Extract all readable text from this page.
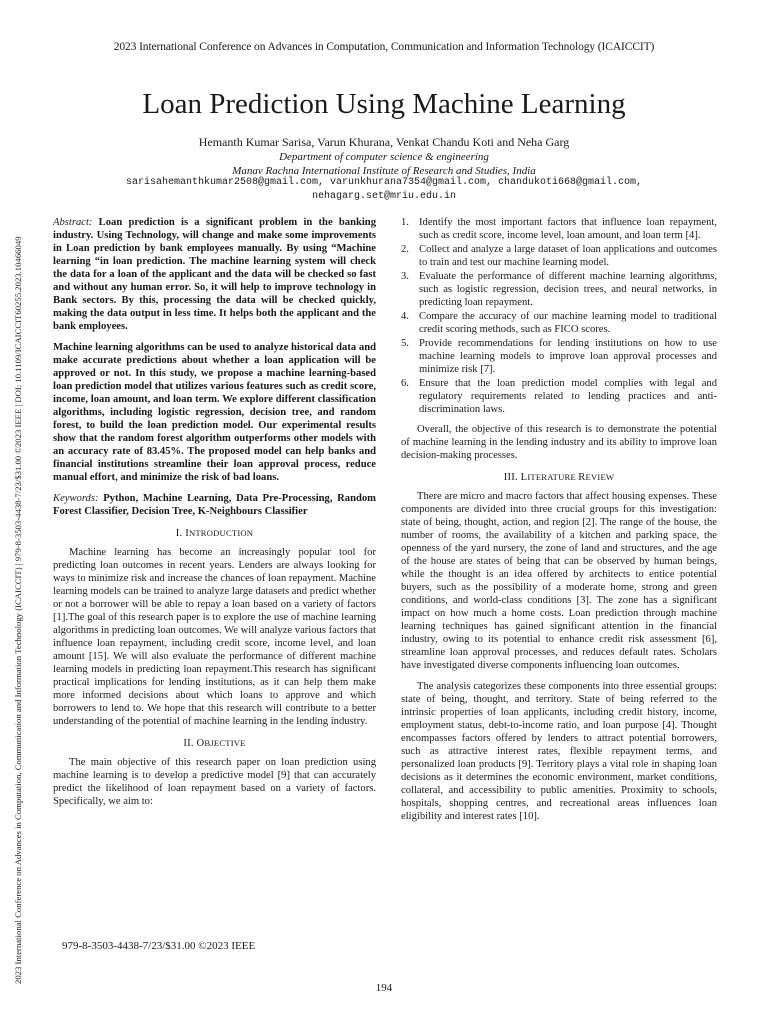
2023 International Conference on Advances in Computation, Communication and Information Technology (ICAICCIT)
2023 International Conference on Advances in Computation, Communication and Information Technology (ICAICCIT) | 979-8-3503-4438-7/23/$31.00 ©2023 IEEE | DOI: 10.1109/ICAICCIT60255.2023.10466049
Loan Prediction Using Machine Learning
Hemanth Kumar Sarisa, Varun Khurana, Venkat Chandu Koti and Neha Garg
Department of computer science & engineering
Manav Rachna International Institute of Research and Studies, India
sarisahemanthkumar2508@gmail.com, varunkhurana7354@gmail.com, chandukoti668@gmail.com,
nehagarg.set@mriu.edu.in

Abstract: Loan prediction is a significant problem in the banking industry. Using Technology, will change and make some improvements in Loan prediction by bank employees manually. By using “Machine learning “in loan prediction. The machine learning system will check the data for a loan of the applicant and the data will be checked so fast and without any human error. So, it will help to improve technology in Bank sectors. By this, processing the data will be checked quickly, making the data output in less time. It helps both the applicant and the bank employees.

Machine learning algorithms can be used to analyze historical data and make accurate predictions about whether a loan application will be approved or not. In this study, we propose a machine learning-based loan prediction model that utilizes various features such as credit score, income, loan amount, and loan term. We explore different classification algorithms, including logistic regression, decision tree, and random forest, to build the loan prediction model. Our experimental results show that the random forest algorithm outperforms other models with an accuracy rate of 83.45%. The proposed model can help banks and financial institutions streamline their loan approval process, reduce manual effort, and minimize the risk of bad loans.

Keywords: Python, Machine Learning, Data Pre-Processing, Random Forest Classifier, Decision Tree, K-Neighbours Classifier

I. INTRODUCTION

Machine learning has become an increasingly popular tool for predicting loan outcomes in recent years. Lenders are always looking for ways to minimize risk and increase the chances of loan repayment. Machine learning models can be trained to analyze large datasets and predict whether or not a borrower will be able to repay a loan based on a variety of factors [1].The goal of this research paper is to explore the use of machine learning algorithms in predicting loan outcomes. We will analyze various factors that influence loan repayment, including credit score, income level, and loan amount [15]. We will also evaluate the performance of different machine learning models in predicting loan repayment.This research has significant practical implications for lending institutions, as it can help them make more informed decisions about which loans to approve and which borrowers to lend to. We hope that this research will contribute to a better understanding of the potential of machine learning in the lending industry.

II. OBJECTIVE

The main objective of this research paper on loan prediction using machine learning is to develop a predictive model [9] that can accurately predict the likelihood of loan repayment based on a variety of factors. Specifically, we aim to:

1. Identify the most important factors that influence loan repayment, such as credit score, income level, loan amount, and loan term [4].
2. Collect and analyze a large dataset of loan applications and outcomes to train and test our machine learning model.
3. Evaluate the performance of different machine learning algorithms, such as logistic regression, decision trees, and neural networks, in predicting loan repayment.
4. Compare the accuracy of our machine learning model to traditional credit scoring methods, such as FICO scores.
5. Provide recommendations for lending institutions on how to use machine learning models to improve loan approval processes and minimize risk [7].
6. Ensure that the loan prediction model complies with legal and regulatory requirements related to lending practices and anti-discrimination laws.

Overall, the objective of this research is to demonstrate the potential of machine learning in the lending industry and its ability to improve loan decision-making processes.

III. LITERATURE REVIEW

There are micro and macro factors that affect housing expenses. These components are divided into three crucial groups for this investigation: state of being, thought, action, and region [2]. The range of the house, the number of rooms, the availability of a kitchen and parking space, the openness of the yard nursery, the zone of land and structures, and the age of the house are states of being that can be observed by human beings, while the thought is an idea offered by architects to entice potential buyers, such as the possibility of a moderate home, strong and green conditions, and world-class conditions [3]. The zone has a significant impact on how much a home costs. Loan prediction through machine learning techniques has gained significant attention in the financial industry, owing to its potential to enhance credit risk assessment [6], streamline loan approval processes, and reduces default rates. Scholars have investigated diverse components influencing loan outcomes.

The analysis categorizes these components into three essential groups: state of being, thought, and territory. State of being referred to the intrinsic properties of loan applicants, including credit history, income, employment status, debt-to-income ratio, and loan purpose [4]. Thought encompasses factors offered by lenders to attract potential borrowers, such as attractive interest rates, flexible repayment terms, and personalized loan products [9]. Territory plays a vital role in shaping loan decisions as it determines the economic environment, market conditions, collateral, and accessibility to public amenities. Proximity to schools, hospitals, shopping centres, and recreational areas influences loan eligibility and interest rates [10].

979-8-3503-4438-7/23/$31.00 ©2023 IEEE
194
